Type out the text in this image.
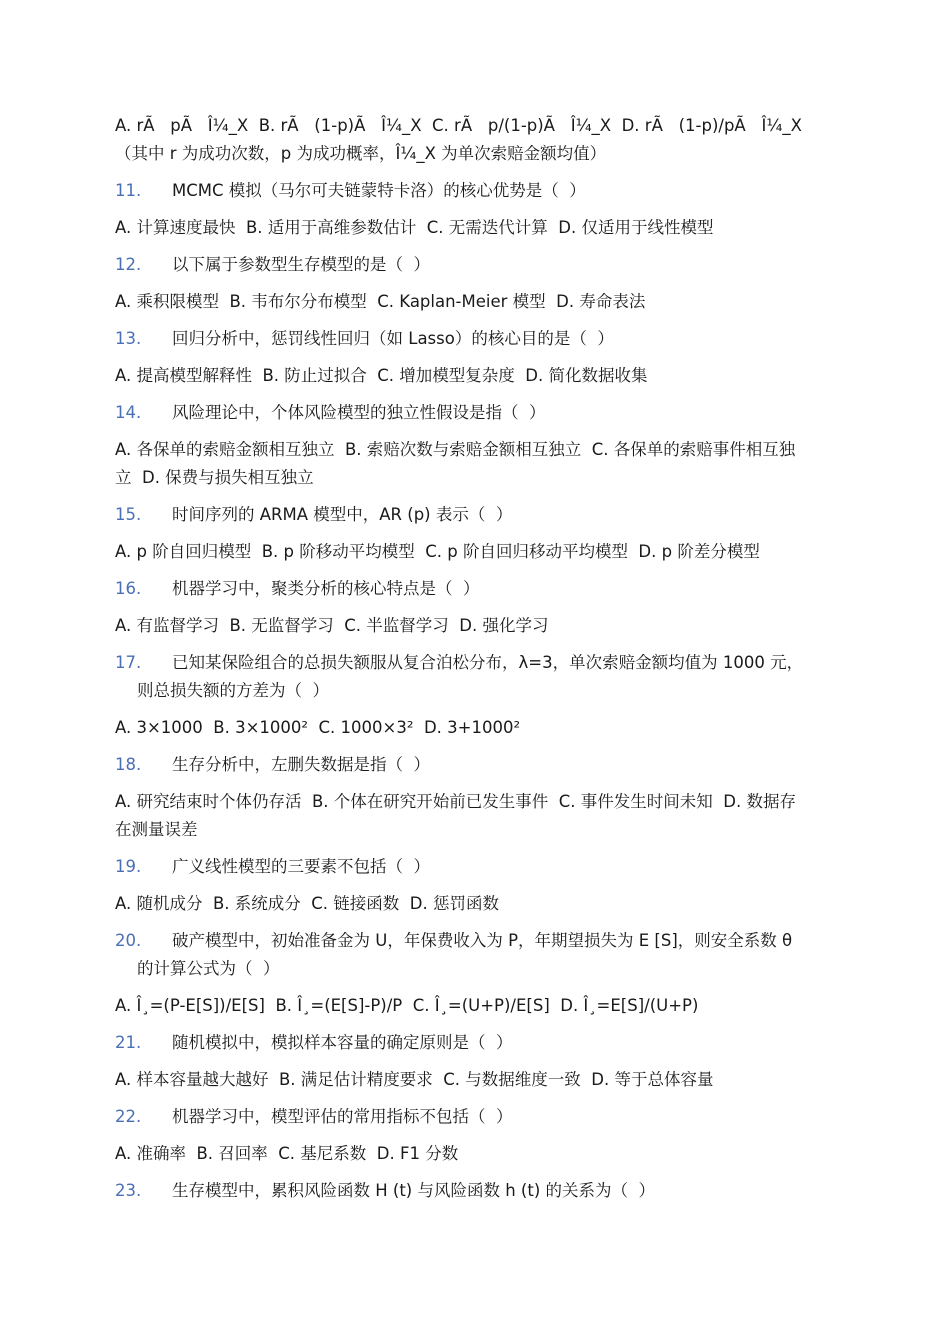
A. rÃ   pÃ   Î¼_X  B. rÃ   (1-p)Ã   Î¼_X  C. rÃ   p/(1-p)Ã   Î¼_X  D. rÃ   (1-p)/pÃ   Î¼_X
（其中 r 为成功次数，p 为成功概率，Î¼_X 为单次索赔金额均值）
11. MCMC 模拟（马尔可夫链蒙特卡洛）的核心优势是（  ）
A. 计算速度最快  B. 适用于高维参数估计  C. 无需迭代计算  D. 仅适用于线性模型
12. 以下属于参数型生存模型的是（  ）
A. 乘积限模型  B. 韦布尔分布模型  C. Kaplan-Meier 模型  D. 寿命表法
13. 回归分析中，惩罚线性回归（如 Lasso）的核心目的是（  ）
A. 提高模型解释性  B. 防止过拟合  C. 增加模型复杂度  D. 简化数据收集
14. 风险理论中，个体风险模型的独立性假设是指（  ）
A. 各保单的索赔金额相互独立  B. 索赔次数与索赔金额相互独立  C. 各保单的索赔事件相互独
立  D. 保费与损失相互独立
15. 时间序列的 ARMA 模型中，AR (p) 表示（  ）
A. p 阶自回归模型  B. p 阶移动平均模型  C. p 阶自回归移动平均模型  D. p 阶差分模型
16. 机器学习中，聚类分析的核心特点是（  ）
A. 有监督学习  B. 无监督学习  C. 半监督学习  D. 强化学习
17. 已知某保险组合的总损失额服从复合泊松分布，λ=3，单次索赔金额均值为 1000 元，
则总损失额的方差为（  ）
A. 3×1000  B. 3×1000²  C. 1000×3²  D. 3+1000²
18. 生存分析中，左删失数据是指（  ）
A. 研究结束时个体仍存活  B. 个体在研究开始前已发生事件  C. 事件发生时间未知  D. 数据存
在测量误差
19. 广义线性模型的三要素不包括（  ）
A. 随机成分  B. 系统成分  C. 链接函数  D. 惩罚函数
20. 破产模型中，初始准备金为 U，年保费收入为 P，年期望损失为 E [S]，则安全系数 θ
的计算公式为（  ）
A. Î¸=(P-E[S])/E[S]  B. Î¸=(E[S]-P)/P  C. Î¸=(U+P)/E[S]  D. Î¸=E[S]/(U+P)
21. 随机模拟中，模拟样本容量的确定原则是（  ）
A. 样本容量越大越好  B. 满足估计精度要求  C. 与数据维度一致  D. 等于总体容量
22. 机器学习中，模型评估的常用指标不包括（  ）
A. 准确率  B. 召回率  C. 基尼系数  D. F1 分数
23. 生存模型中，累积风险函数 H (t) 与风险函数 h (t) 的关系为（  ）
